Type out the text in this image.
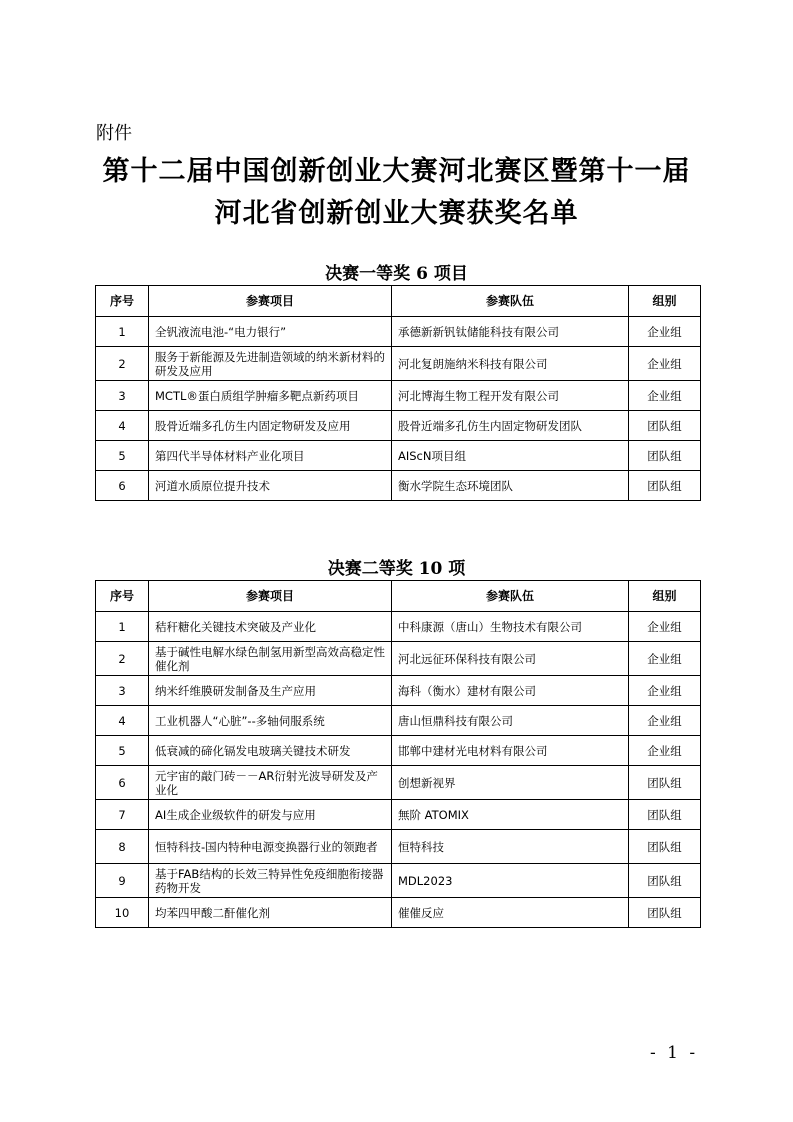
附件
第十二届中国创新创业大赛河北赛区暨第十一届
河北省创新创业大赛获奖名单
决赛一等奖 6 项目
序号	参赛项目	参赛队伍	组别
1	全钒液流电池-“电力银行”	承德新新钒钛储能科技有限公司	企业组
2	服务于新能源及先进制造领域的纳米新材料的研发及应用	河北复朗施纳米科技有限公司	企业组
3	MCTL®蛋白质组学肿瘤多靶点新药项目	河北博海生物工程开发有限公司	企业组
4	股骨近端多孔仿生内固定物研发及应用	股骨近端多孔仿生内固定物研发团队	团队组
5	第四代半导体材料产业化项目	AIScN项目组	团队组
6	河道水质原位提升技术	衡水学院生态环境团队	团队组
决赛二等奖 10 项
序号	参赛项目	参赛队伍	组别
1	秸秆糖化关键技术突破及产业化	中科康源（唐山）生物技术有限公司	企业组
2	基于碱性电解水绿色制氢用新型高效高稳定性催化剂	河北远征环保科技有限公司	企业组
3	纳米纤维膜研发制备及生产应用	海科（衡水）建材有限公司	企业组
4	工业机器人“心脏”--多轴伺服系统	唐山恒鼎科技有限公司	企业组
5	低衰减的碲化镉发电玻璃关键技术研发	邯郸中建材光电材料有限公司	企业组
6	元宇宙的敲门砖－－AR衍射光波导研发及产业化	创想新视界	团队组
7	AI生成企业级软件的研发与应用	無阶 ATOMIX	团队组
8	恒特科技-国内特种电源变换器行业的领跑者	恒特科技	团队组
9	基于FAB结构的长效三特异性免疫细胞衔接器药物开发	MDL2023	团队组
10	均苯四甲酸二酐催化剂	催催反应	团队组
- 1 -
